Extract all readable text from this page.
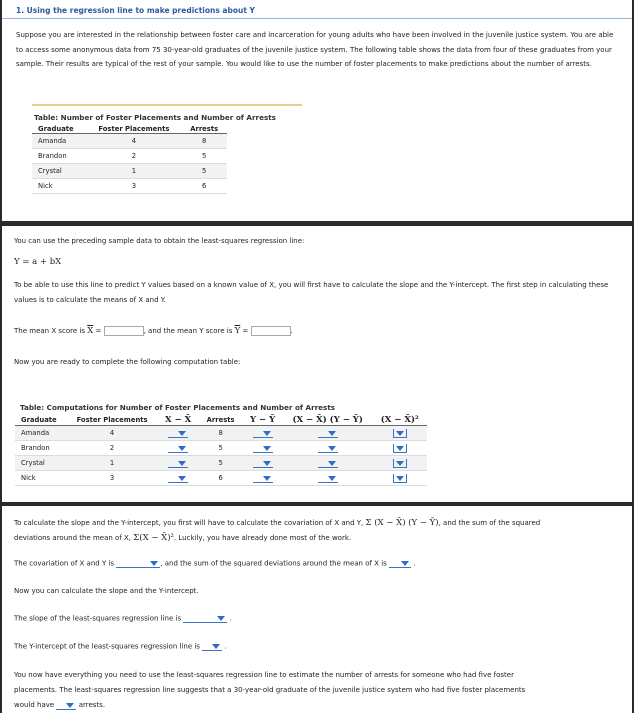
1. Using the regression line to make predictions about Y
Suppose you are interested in the relationship between foster care and incarceration for young adults who have been involved in the juvenile justice system. You are able to access some anonymous data from 75 30-year-old graduates of the juvenile justice system. The following table shows the data from four of these graduates from your sample. Their results are typical of the rest of your sample. You would like to use the number of foster placements to make predictions about the number of arrests.
Table: Number of Foster Placements and Number of Arrests
Graduate	Foster Placements	Arrests
Amanda	4	8
Brandon	2	5
Crystal	1	5
Nick	3	6
You can use the preceding sample data to obtain the least-squares regression line:
Y = a + bX
To be able to use this line to predict Y values based on a known value of X, you will first have to calculate the slope and the Y-intercept. The first step in calculating these values is to calculate the means of X and Y.
The mean X score is $\overline{X}$ =	, and the mean Y score is $\overline{Y}$ =	.
Now you are ready to complete the following computation table:
Table: Computations for Number of Foster Placements and Number of Arrests
Graduate	Foster Placements	X − X̄	Arrests	Y − Ȳ	(X − X̄) (Y − Ȳ)	(X − X̄)²
Amanda	4		8	

Brandon	2		5	

Crystal	1		5	

Nick	3		6	

To calculate the slope and the Y-intercept, you first will have to calculate the covariation of X and Y, Σ (X − X̄) (Y − Ȳ), and the sum of the squared
deviations around the mean of X, Σ(X − X̄)². Luckily, you have already done most of the work.
The covariation of X and Y is	, and the sum of the squared deviations around the mean of X is	.
Now you can calculate the slope and the Y-intercept.
The slope of the least-squares regression line is	.
The Y-intercept of the least-squares regression line is	.
You now have everything you need to use the least-squares regression line to estimate the number of arrests for someone who had five foster
placements. The least-squares regression line suggests that a 30-year-old graduate of the juvenile justice system who had five foster placements
would have	arrests.
